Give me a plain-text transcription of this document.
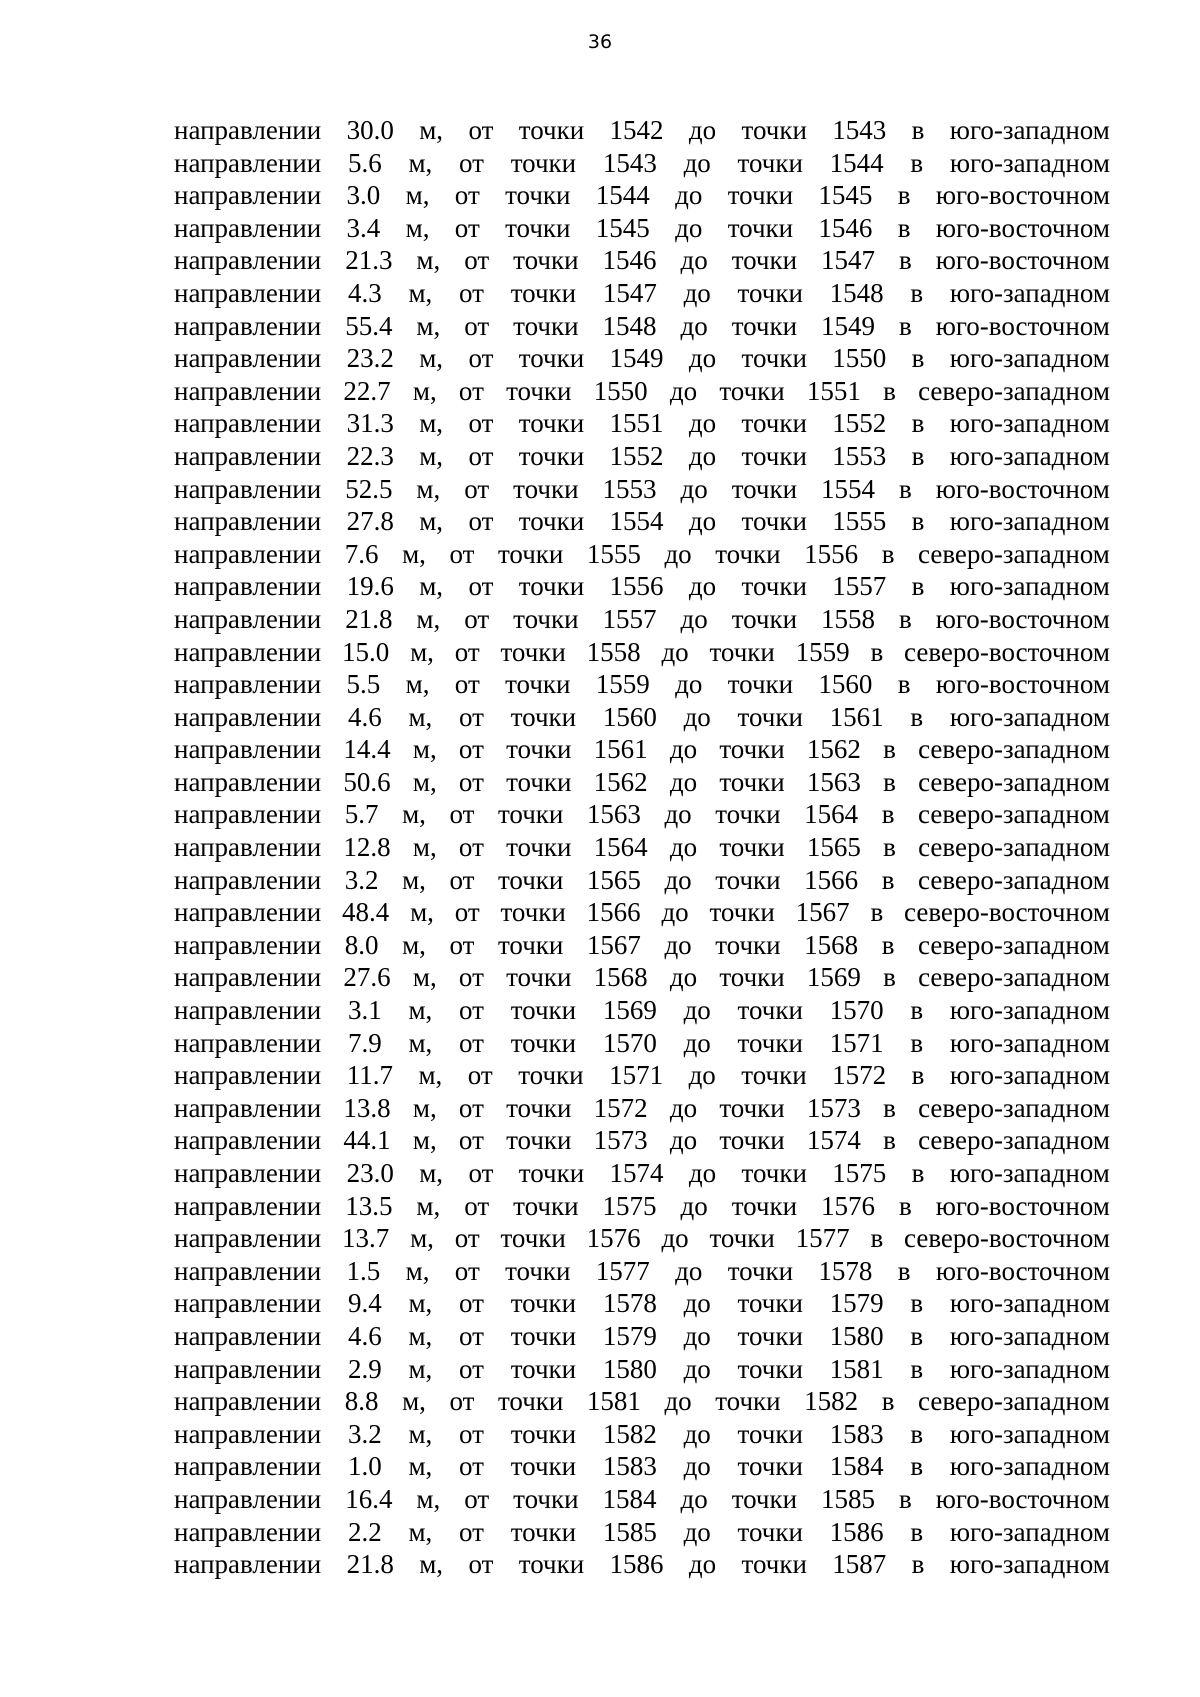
36
направлении 30.0 м, от точки 1542 до точки 1543 в юго-западном
направлении 5.6 м, от точки 1543 до точки 1544 в юго-западном
направлении 3.0 м, от точки 1544 до точки 1545 в юго-восточном
направлении 3.4 м, от точки 1545 до точки 1546 в юго-восточном
направлении 21.3 м, от точки 1546 до точки 1547 в юго-восточном
направлении 4.3 м, от точки 1547 до точки 1548 в юго-западном
направлении 55.4 м, от точки 1548 до точки 1549 в юго-восточном
направлении 23.2 м, от точки 1549 до точки 1550 в юго-западном
направлении 22.7 м, от точки 1550 до точки 1551 в северо-западном
направлении 31.3 м, от точки 1551 до точки 1552 в юго-западном
направлении 22.3 м, от точки 1552 до точки 1553 в юго-западном
направлении 52.5 м, от точки 1553 до точки 1554 в юго-восточном
направлении 27.8 м, от точки 1554 до точки 1555 в юго-западном
направлении 7.6 м, от точки 1555 до точки 1556 в северо-западном
направлении 19.6 м, от точки 1556 до точки 1557 в юго-западном
направлении 21.8 м, от точки 1557 до точки 1558 в юго-восточном
направлении 15.0 м, от точки 1558 до точки 1559 в северо-восточном
направлении 5.5 м, от точки 1559 до точки 1560 в юго-восточном
направлении 4.6 м, от точки 1560 до точки 1561 в юго-западном
направлении 14.4 м, от точки 1561 до точки 1562 в северо-западном
направлении 50.6 м, от точки 1562 до точки 1563 в северо-западном
направлении 5.7 м, от точки 1563 до точки 1564 в северо-западном
направлении 12.8 м, от точки 1564 до точки 1565 в северо-западном
направлении 3.2 м, от точки 1565 до точки 1566 в северо-западном
направлении 48.4 м, от точки 1566 до точки 1567 в северо-восточном
направлении 8.0 м, от точки 1567 до точки 1568 в северо-западном
направлении 27.6 м, от точки 1568 до точки 1569 в северо-западном
направлении 3.1 м, от точки 1569 до точки 1570 в юго-западном
направлении 7.9 м, от точки 1570 до точки 1571 в юго-западном
направлении 11.7 м, от точки 1571 до точки 1572 в юго-западном
направлении 13.8 м, от точки 1572 до точки 1573 в северо-западном
направлении 44.1 м, от точки 1573 до точки 1574 в северо-западном
направлении 23.0 м, от точки 1574 до точки 1575 в юго-западном
направлении 13.5 м, от точки 1575 до точки 1576 в юго-восточном
направлении 13.7 м, от точки 1576 до точки 1577 в северо-восточном
направлении 1.5 м, от точки 1577 до точки 1578 в юго-восточном
направлении 9.4 м, от точки 1578 до точки 1579 в юго-западном
направлении 4.6 м, от точки 1579 до точки 1580 в юго-западном
направлении 2.9 м, от точки 1580 до точки 1581 в юго-западном
направлении 8.8 м, от точки 1581 до точки 1582 в северо-западном
направлении 3.2 м, от точки 1582 до точки 1583 в юго-западном
направлении 1.0 м, от точки 1583 до точки 1584 в юго-западном
направлении 16.4 м, от точки 1584 до точки 1585 в юго-восточном
направлении 2.2 м, от точки 1585 до точки 1586 в юго-западном
направлении 21.8 м, от точки 1586 до точки 1587 в юго-западном
